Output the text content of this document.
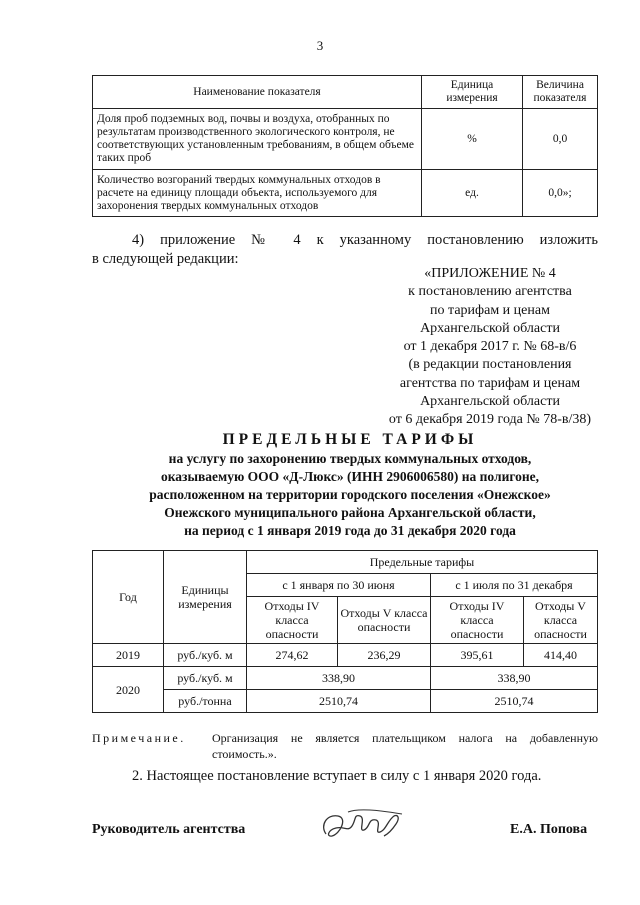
3
Наименование показателя	Единица измерения	Величина показателя
Доля проб подземных вод, почвы и воздуха, отобранных по результатам производственного экологического контроля, не соответствующих установленным требованиям, в общем объеме таких проб	%	0,0
Количество возгораний твердых коммунальных отходов в расчете на единицу площади объекта, используемого для захоронения твердых коммунальных отходов	ед.	0,0»;
4) приложение № 4 к указанному постановлению изложить
в следующей редакции:
«ПРИЛОЖЕНИЕ № 4
к постановлению агентства
по тарифам и ценам
Архангельской области
от 1 декабря 2017 г. № 68-в/6
(в редакции постановления
агентства по тарифам и ценам
Архангельской области
от 6 декабря 2019 года № 78-в/38)
ПРЕДЕЛЬНЫЕ ТАРИФЫ
на услугу по захоронению твердых коммунальных отходов,
оказываемую ООО «Д-Люкс» (ИНН 2906006580) на полигоне,
расположенном на территории городского поселения «Онежское»
Онежского муниципального района Архангельской области,
на период с 1 января 2019 года до 31 декабря 2020 года
Год	Единицы измерения	Предельные тарифы			
		с 1 января по 30 июня		с 1 июля по 31 декабря	
		Отходы IV класса опасности	Отходы V класса опасности	Отходы IV класса опасности	Отходы V класса опасности
2019	руб./куб. м	274,62	236,29	395,61	414,40
2020	руб./куб. м	338,90		338,90	
	руб./тонна	2510,74		2510,74	
Примечание. Организация не является плательщиком налога на добавленную стоимость.».
2. Настоящее постановление вступает в силу с 1 января 2020 года.
Руководитель агентства	Е.А. Попова
